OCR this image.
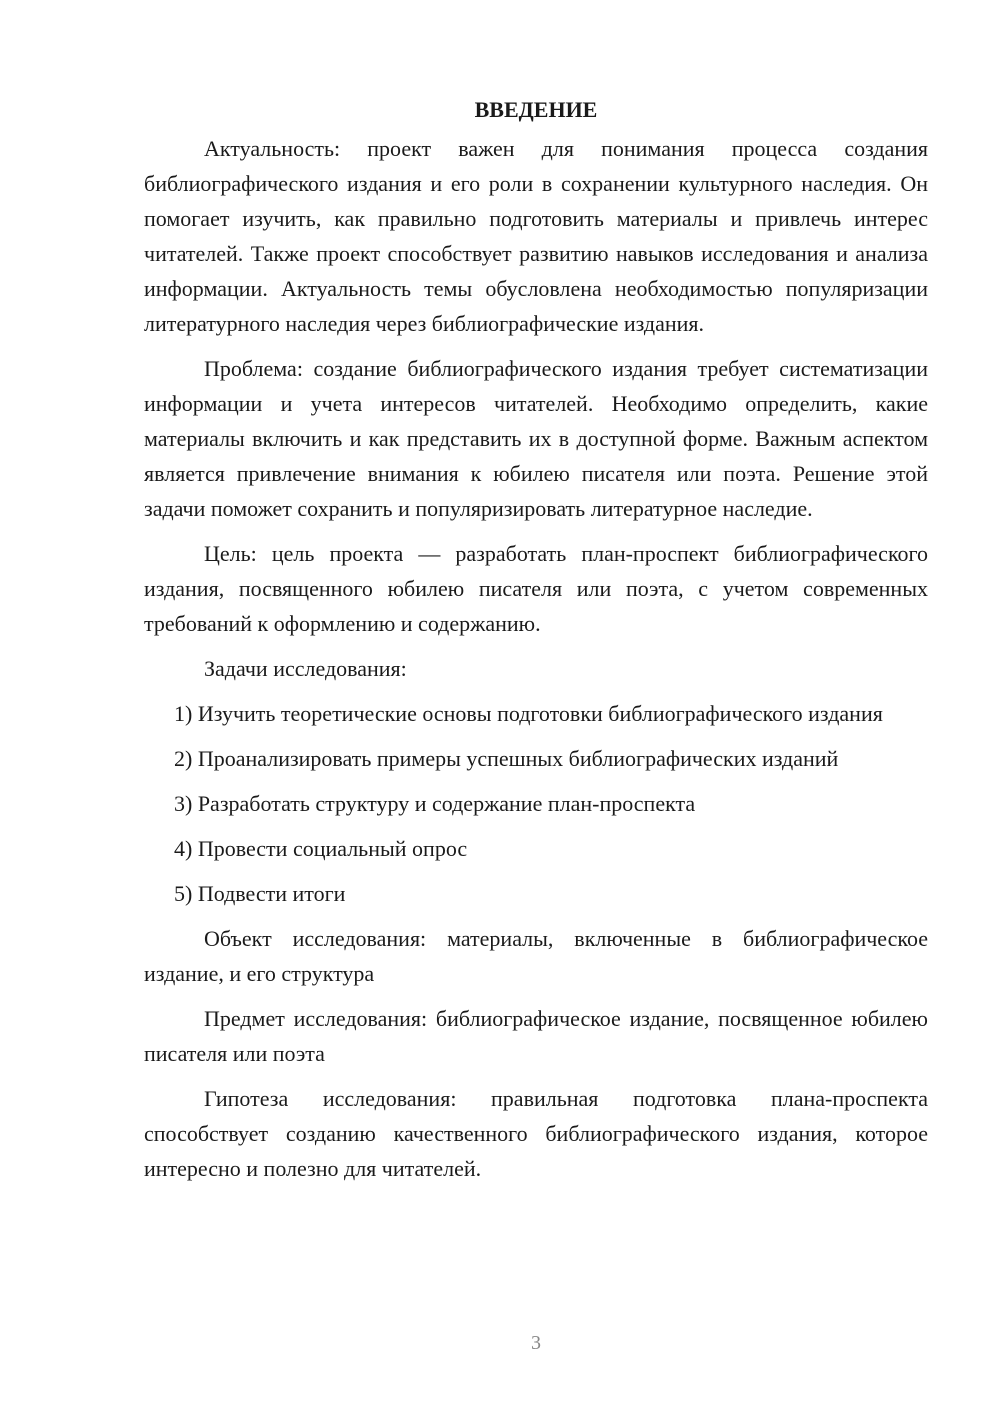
ВВЕДЕНИЕ

Актуальность: проект важен для понимания процесса создания библиографического издания и его роли в сохранении культурного наследия. Он помогает изучить, как правильно подготовить материалы и привлечь интерес читателей. Также проект способствует развитию навыков исследования и анализа информации. Актуальность темы обусловлена необходимостью популяризации литературного наследия через библиографические издания.

Проблема: создание библиографического издания требует систематизации информации и учета интересов читателей. Необходимо определить, какие материалы включить и как представить их в доступной форме. Важным аспектом является привлечение внимания к юбилею писателя или поэта. Решение этой задачи поможет сохранить и популяризировать литературное наследие.

Цель: цель проекта — разработать план-проспект библиографического издания, посвященного юбилею писателя или поэта, с учетом современных требований к оформлению и содержанию.

Задачи исследования:

1) Изучить теоретические основы подготовки библиографического издания

2) Проанализировать примеры успешных библиографических изданий

3) Разработать структуру и содержание план-проспекта

4) Провести социальный опрос

5) Подвести итоги

Объект исследования: материалы, включенные в библиографическое издание, и его структура

Предмет исследования: библиографическое издание, посвященное юбилею писателя или поэта

Гипотеза исследования: правильная подготовка плана-проспекта способствует созданию качественного библиографического издания, которое интересно и полезно для читателей.

3
